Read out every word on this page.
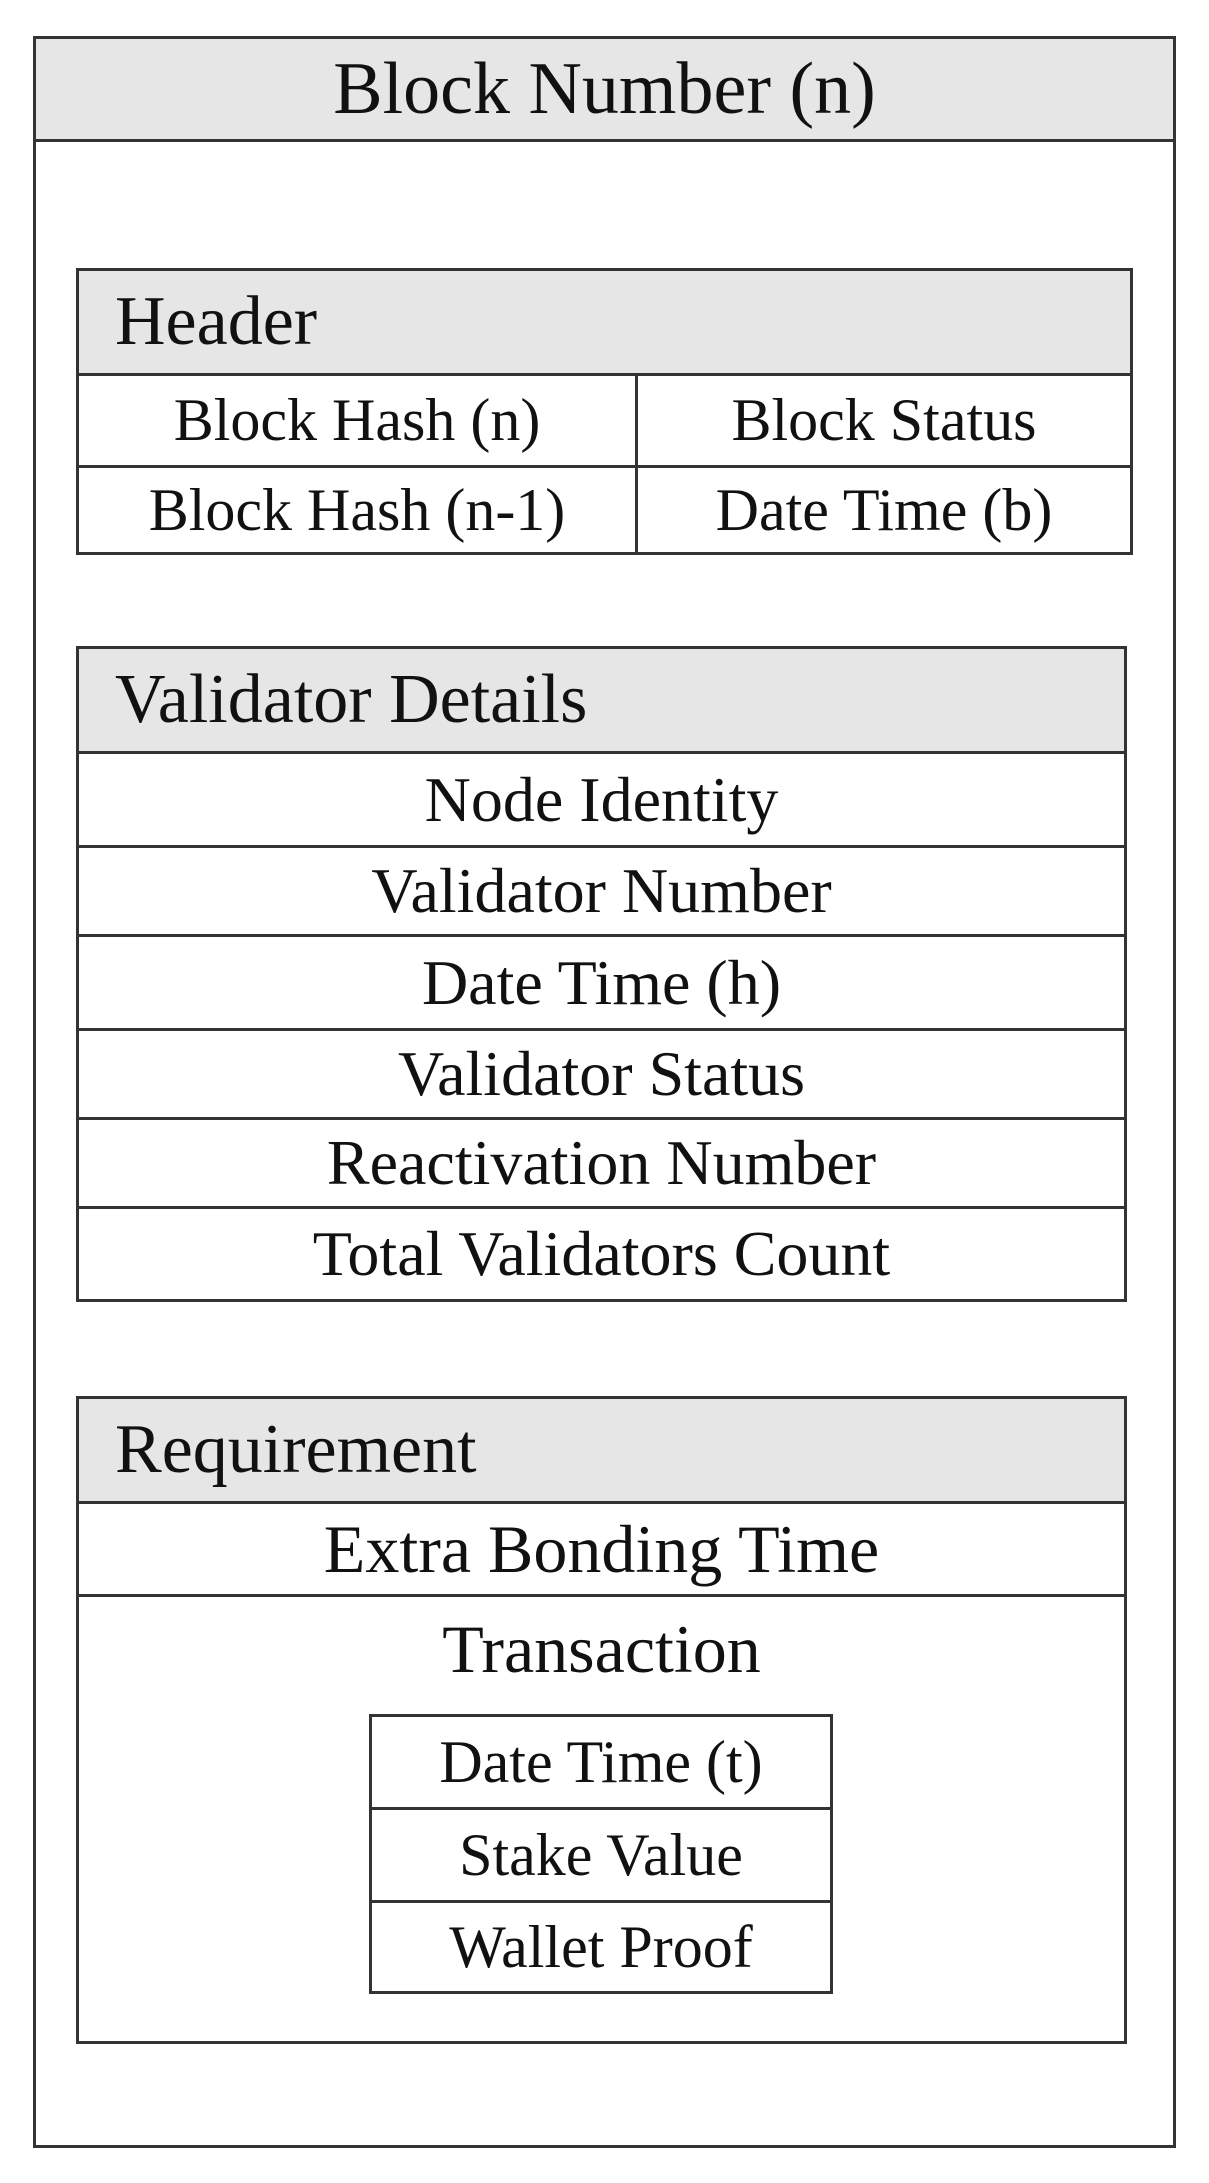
Block Number (n)
Header
Block Hash (n)	Block Status
Block Hash (n-1)	Date Time (b)
Validator Details
Node Identity
Validator Number
Date Time (h)
Validator Status
Reactivation Number
Total Validators Count
Requirement
Extra Bonding Time
Transaction
Date Time (t)
Stake Value
Wallet Proof
